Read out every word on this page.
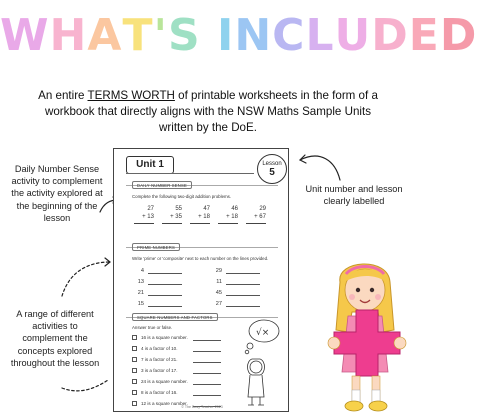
WHAT'S INCLUDED
An entire TERMS WORTH of printable worksheets in the form of a workbook that directly aligns with the NSW Maths Sample Units written by the DoE.
Daily Number Sense activity to complement the activity explored at the beginning of the lesson
Unit number and lesson clearly labelled
A range of different activities to complement the concepts explored throughout the lesson
Unit 1	Lesson
5
DAILY NUMBER SENSE
Complete the following two-digit addition problems.
27
+ 13
55
+ 35
47
+ 18
46
+ 18
29
+ 67
PRIME NUMBERS
Write 'prime' or 'composite' next to each number on the lines provided.
4
13
21
15
29
11
45
27
SQUARE NUMBERS AND FACTORS
Answer true or false.
16 is a square number.
4 is a factor of 10.
7 is a factor of 21.
3 is a factor of 17.
24 is a square number.
8 is a factor of 16.
12 is a square number.
√×
© The Busy Teacher 2023
